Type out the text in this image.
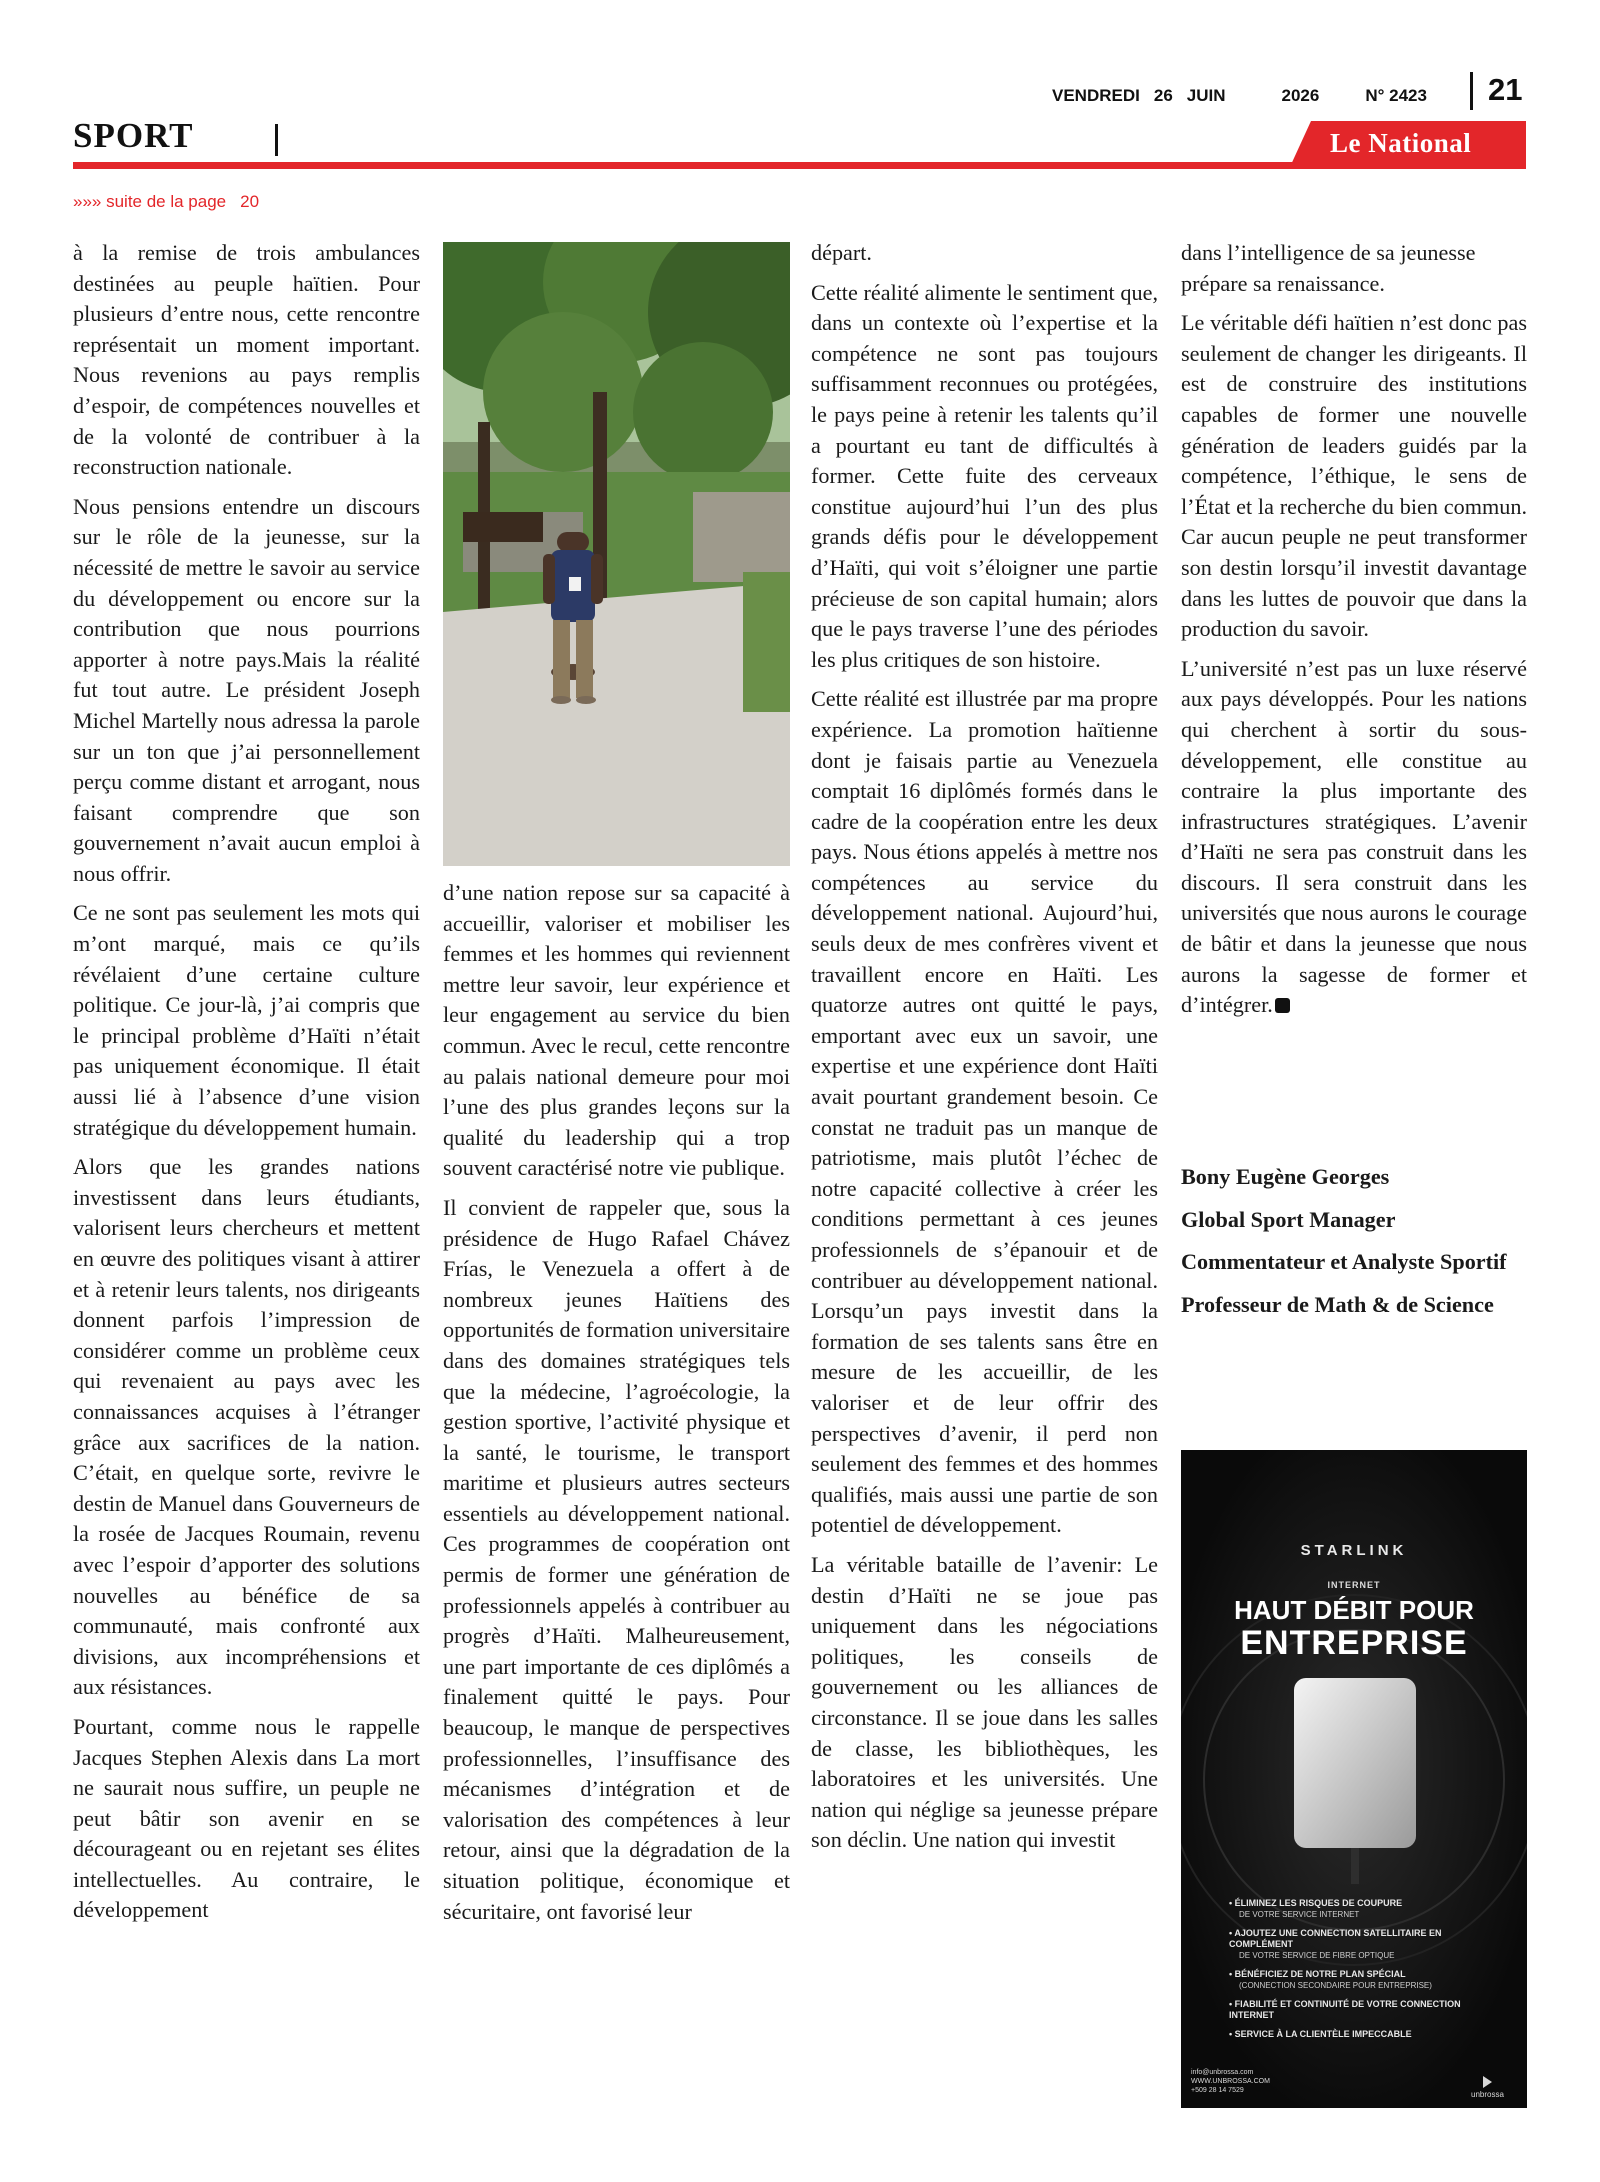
VENDREDI 26 JUIN	2026	N° 2423	21
SPORT	Le National
»»» suite de la page 20

à la remise de trois ambulances destinées au peuple haïtien. Pour plusieurs d’entre nous, cette rencontre représentait un moment important. Nous revenions au pays remplis d’espoir, de compétences nouvelles et de la volonté de contribuer à la reconstruction nationale.

Nous pensions entendre un discours sur le rôle de la jeunesse, sur la nécessité de mettre le savoir au service du développement ou encore sur la contribution que nous pourrions apporter à notre pays.Mais la réalité fut tout autre. Le président Joseph Michel Martelly nous adressa la parole sur un ton que j’ai personnellement perçu comme distant et arrogant, nous faisant comprendre que son gouvernement n’avait aucun emploi à nous offrir.

Ce ne sont pas seulement les mots qui m’ont marqué, mais ce qu’ils révélaient d’une certaine culture politique. Ce jour-là, j’ai compris que le principal problème d’Haïti n’était pas uniquement économique. Il était aussi lié à l’absence d’une vision stratégique du développement humain.

Alors que les grandes nations investissent dans leurs étudiants, valorisent leurs chercheurs et mettent en œuvre des politiques visant à attirer et à retenir leurs talents, nos dirigeants donnent parfois l’impression de considérer comme un problème ceux qui revenaient au pays avec les connaissances acquises à l’étranger grâce aux sacrifices de la nation. C’était, en quelque sorte, revivre le destin de Manuel dans Gouverneurs de la rosée de Jacques Roumain, revenu avec l’espoir d’apporter des solutions nouvelles au bénéfice de sa communauté, mais confronté aux divisions, aux incompréhensions et aux résistances.

Pourtant, comme nous le rappelle Jacques Stephen Alexis dans La mort ne saurait nous suffire, un peuple ne peut bâtir son avenir en se décourageant ou en rejetant ses élites intellectuelles. Au contraire, le développement

d’une nation repose sur sa capacité à accueillir, valoriser et mobiliser les femmes et les hommes qui reviennent mettre leur savoir, leur expérience et leur engagement au service du bien commun. Avec le recul, cette rencontre au palais national demeure pour moi l’une des plus grandes leçons sur la qualité du leadership qui a trop souvent caractérisé notre vie publique.

Il convient de rappeler que, sous la présidence de Hugo Rafael Chávez Frías, le Venezuela a offert à de nombreux jeunes Haïtiens des opportunités de formation universitaire dans des domaines stratégiques tels que la médecine, l’agroécologie, la gestion sportive, l’activité physique et la santé, le tourisme, le transport maritime et plusieurs autres secteurs essentiels au développement national. Ces programmes de coopération ont permis de former une génération de professionnels appelés à contribuer au progrès d’Haïti. Malheureusement, une part importante de ces diplômés a finalement quitté le pays. Pour beaucoup, le manque de perspectives professionnelles, l’insuffisance des mécanismes d’intégration et de valorisation des compétences à leur retour, ainsi que la dégradation de la situation politique, économique et sécuritaire, ont favorisé leur

départ.

Cette réalité alimente le sentiment que, dans un contexte où l’expertise et la compétence ne sont pas toujours suffisamment reconnues ou protégées, le pays peine à retenir les talents qu’il a pourtant eu tant de difficultés à former. Cette fuite des cerveaux constitue aujourd’hui l’un des plus grands défis pour le développement d’Haïti, qui voit s’éloigner une partie précieuse de son capital humain; alors que le pays traverse l’une des périodes les plus critiques de son histoire.

Cette réalité est illustrée par ma propre expérience. La promotion haïtienne dont je faisais partie au Venezuela comptait 16 diplômés formés dans le cadre de la coopération entre les deux pays. Nous étions appelés à mettre nos compétences au service du développement national. Aujourd’hui, seuls deux de mes confrères vivent et travaillent encore en Haïti. Les quatorze autres ont quitté le pays, emportant avec eux un savoir, une expertise et une expérience dont Haïti avait pourtant grandement besoin. Ce constat ne traduit pas un manque de patriotisme, mais plutôt l’échec de notre capacité collective à créer les conditions permettant à ces jeunes professionnels de s’épanouir et de contribuer au développement national. Lorsqu’un pays investit dans la formation de ses talents sans être en mesure de les accueillir, de les valoriser et de leur offrir des perspectives d’avenir, il perd non seulement des femmes et des hommes qualifiés, mais aussi une partie de son potentiel de développement.

La véritable bataille de l’avenir: Le destin d’Haïti ne se joue pas uniquement dans les négociations politiques, les conseils de gouvernement ou les alliances de circonstance. Il se joue dans les salles de classe, les bibliothèques, les laboratoires et les universités. Une nation qui néglige sa jeunesse prépare son déclin. Une nation qui investit

dans l’intelligence de sa jeunesse prépare sa renaissance.

Le véritable défi haïtien n’est donc pas seulement de changer les dirigeants. Il est de construire des institutions capables de former une nouvelle génération de leaders guidés par la compétence, l’éthique, le sens de l’État et la recherche du bien commun. Car aucun peuple ne peut transformer son destin lorsqu’il investit davantage dans les luttes de pouvoir que dans la production du savoir.

L’université n’est pas un luxe réservé aux pays développés. Pour les nations qui cherchent à sortir du sous-développement, elle constitue au contraire la plus importante des infrastructures stratégiques. L’avenir d’Haïti ne sera pas construit dans les discours. Il sera construit dans les universités que nous aurons le courage de bâtir et dans la jeunesse que nous aurons la sagesse de former et d’intégrer.

Bony Eugène Georges

Global Sport Manager

Commentateur et Analyste Sportif

Professeur de Math & de Science

STARLINK
INTERNET
HAUT DÉBIT POUR
ENTREPRISE
• ÉLIMINEZ LES RISQUES DE COUPURE
DE VOTRE SERVICE INTERNET
• AJOUTEZ UNE CONNECTION SATELLITAIRE EN COMPLÉMENT
DE VOTRE SERVICE DE FIBRE OPTIQUE
• BÉNÉFICIEZ DE NOTRE PLAN SPÉCIAL
(CONNECTION SECONDAIRE POUR ENTREPRISE)
• FIABILITÉ ET CONTINUITÉ DE VOTRE CONNECTION INTERNET
• SERVICE À LA CLIENTÈLE IMPECCABLE
info@unbrossa.com
WWW.UNBROSSA.COM
+509 28 14 7529	unbrossa
